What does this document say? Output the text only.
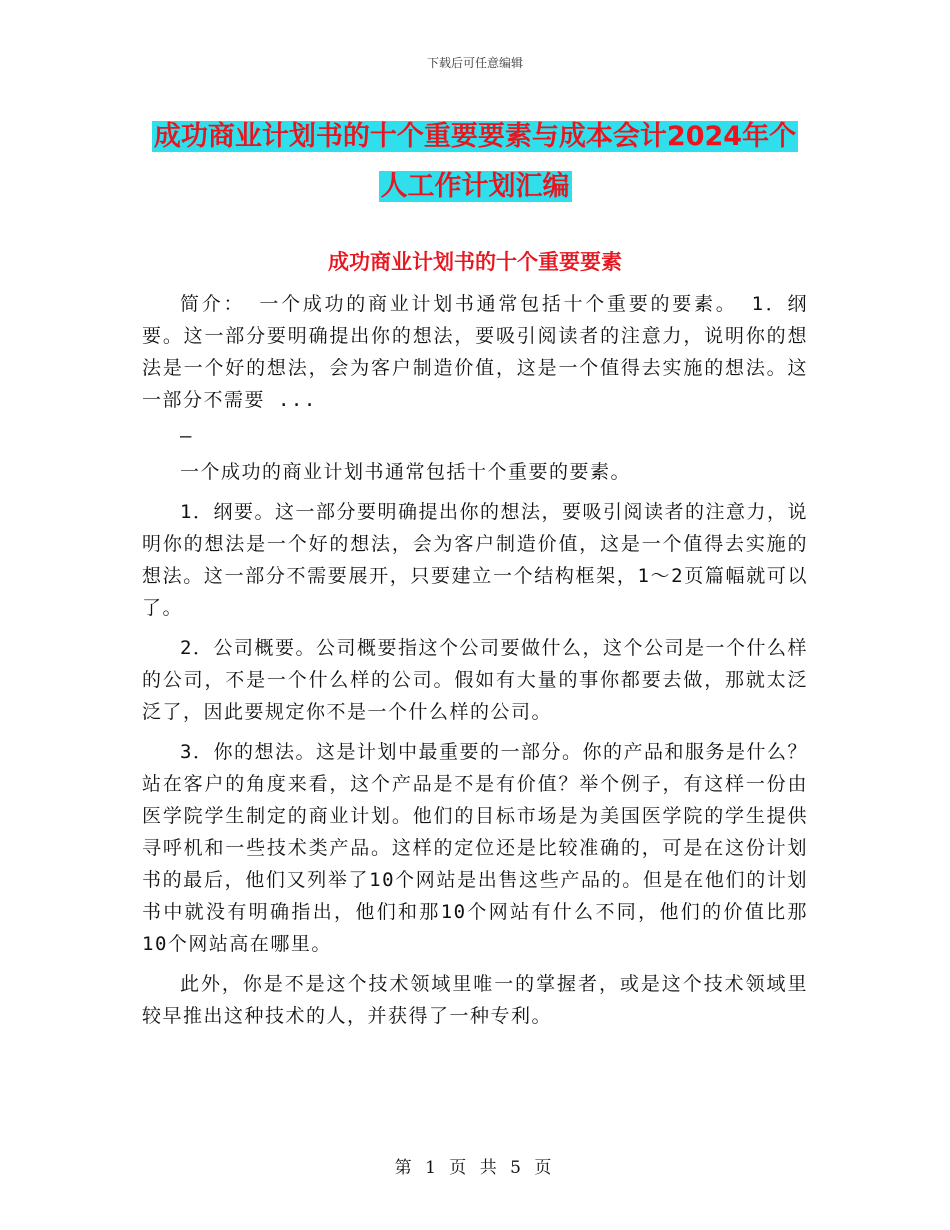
下载后可任意编辑
成功商业计划书的十个重要要素与成本会计2024年个
人工作计划汇编
成功商业计划书的十个重要要素

简介： 一个成功的商业计划书通常包括十个重要的要素。 1．纲要。这一部分要明确提出你的想法，要吸引阅读者的注意力，说明你的想法是一个好的想法，会为客户制造价值，这是一个值得去实施的想法。这一部分不需要 ...

–

一个成功的商业计划书通常包括十个重要的要素。

1．纲要。这一部分要明确提出你的想法，要吸引阅读者的注意力，说明你的想法是一个好的想法，会为客户制造价值，这是一个值得去实施的想法。这一部分不需要展开，只要建立一个结构框架，1～2页篇幅就可以了。

2．公司概要。公司概要指这个公司要做什么，这个公司是一个什么样的公司，不是一个什么样的公司。假如有大量的事你都要去做，那就太泛泛了，因此要规定你不是一个什么样的公司。

3．你的想法。这是计划中最重要的一部分。你的产品和服务是什么？站在客户的角度来看，这个产品是不是有价值？举个例子，有这样一份由医学院学生制定的商业计划。他们的目标市场是为美国医学院的学生提供寻呼机和一些技术类产品。这样的定位还是比较准确的，可是在这份计划书的最后，他们又列举了10个网站是出售这些产品的。但是在他们的计划书中就没有明确指出，他们和那10个网站有什么不同，他们的价值比那10个网站高在哪里。

此外，你是不是这个技术领域里唯一的掌握者，或是这个技术领域里较早推出这种技术的人，并获得了一种专利。

第 1 页 共 5 页
